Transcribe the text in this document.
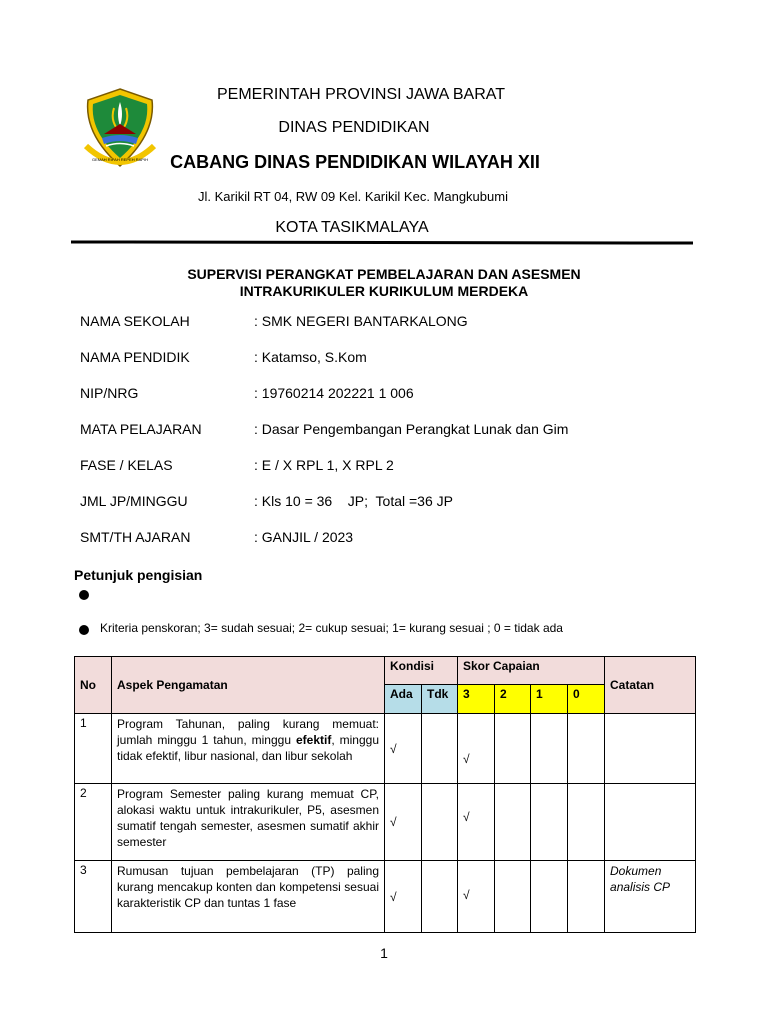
GEMAH RIPAH REPEH RAPIH
PEMERINTAH PROVINSI JAWA BARAT
DINAS PENDIDIKAN
CABANG DINAS PENDIDIKAN WILAYAH XII
Jl. Karikil RT 04, RW 09 Kel. Karikil Kec. Mangkubumi
KOTA TASIKMALAYA
SUPERVISI PERANGKAT PEMBELAJARAN DAN ASESMEN
INTRAKURIKULER KURIKULUM MERDEKA
NAMA SEKOLAH	: SMK NEGERI BANTARKALONG
NAMA PENDIDIK	: Katamso, S.Kom
NIP/NRG	: 19760214 202221 1 006
MATA PELAJARAN	: Dasar Pengembangan Perangkat Lunak dan Gim
FASE / KELAS	: E / X RPL 1, X RPL 2
JML JP/MINGGU	: Kls 10 = 36    JP;  Total =36 JP
SMT/TH AJARAN	: GANJIL / 2023
Petunjuk pengisian
Kriteria penskoran; 3= sudah sesuai; 2= cukup sesuai; 1= kurang sesuai ; 0 = tidak ada
No	Aspek Pengamatan	Kondisi		Skor Capaian				Catatan
		Ada	Tdk	3	2	1	0	
1	Program Tahunan, paling kurang memuat: jumlah minggu 1 tahun, minggu efektif, minggu tidak efektif, libur nasional, dan libur sekolah	√		√				
2	Program Semester paling kurang memuat CP, alokasi waktu untuk intrakurikuler, P5, asesmen sumatif tengah semester, asesmen sumatif akhir semester	√		√				
3	Rumusan tujuan pembelajaran (TP) paling kurang mencakup konten dan kompetensi sesuai karakteristik CP dan tuntas 1 fase	√		√				Dokumen analisis CP
1
